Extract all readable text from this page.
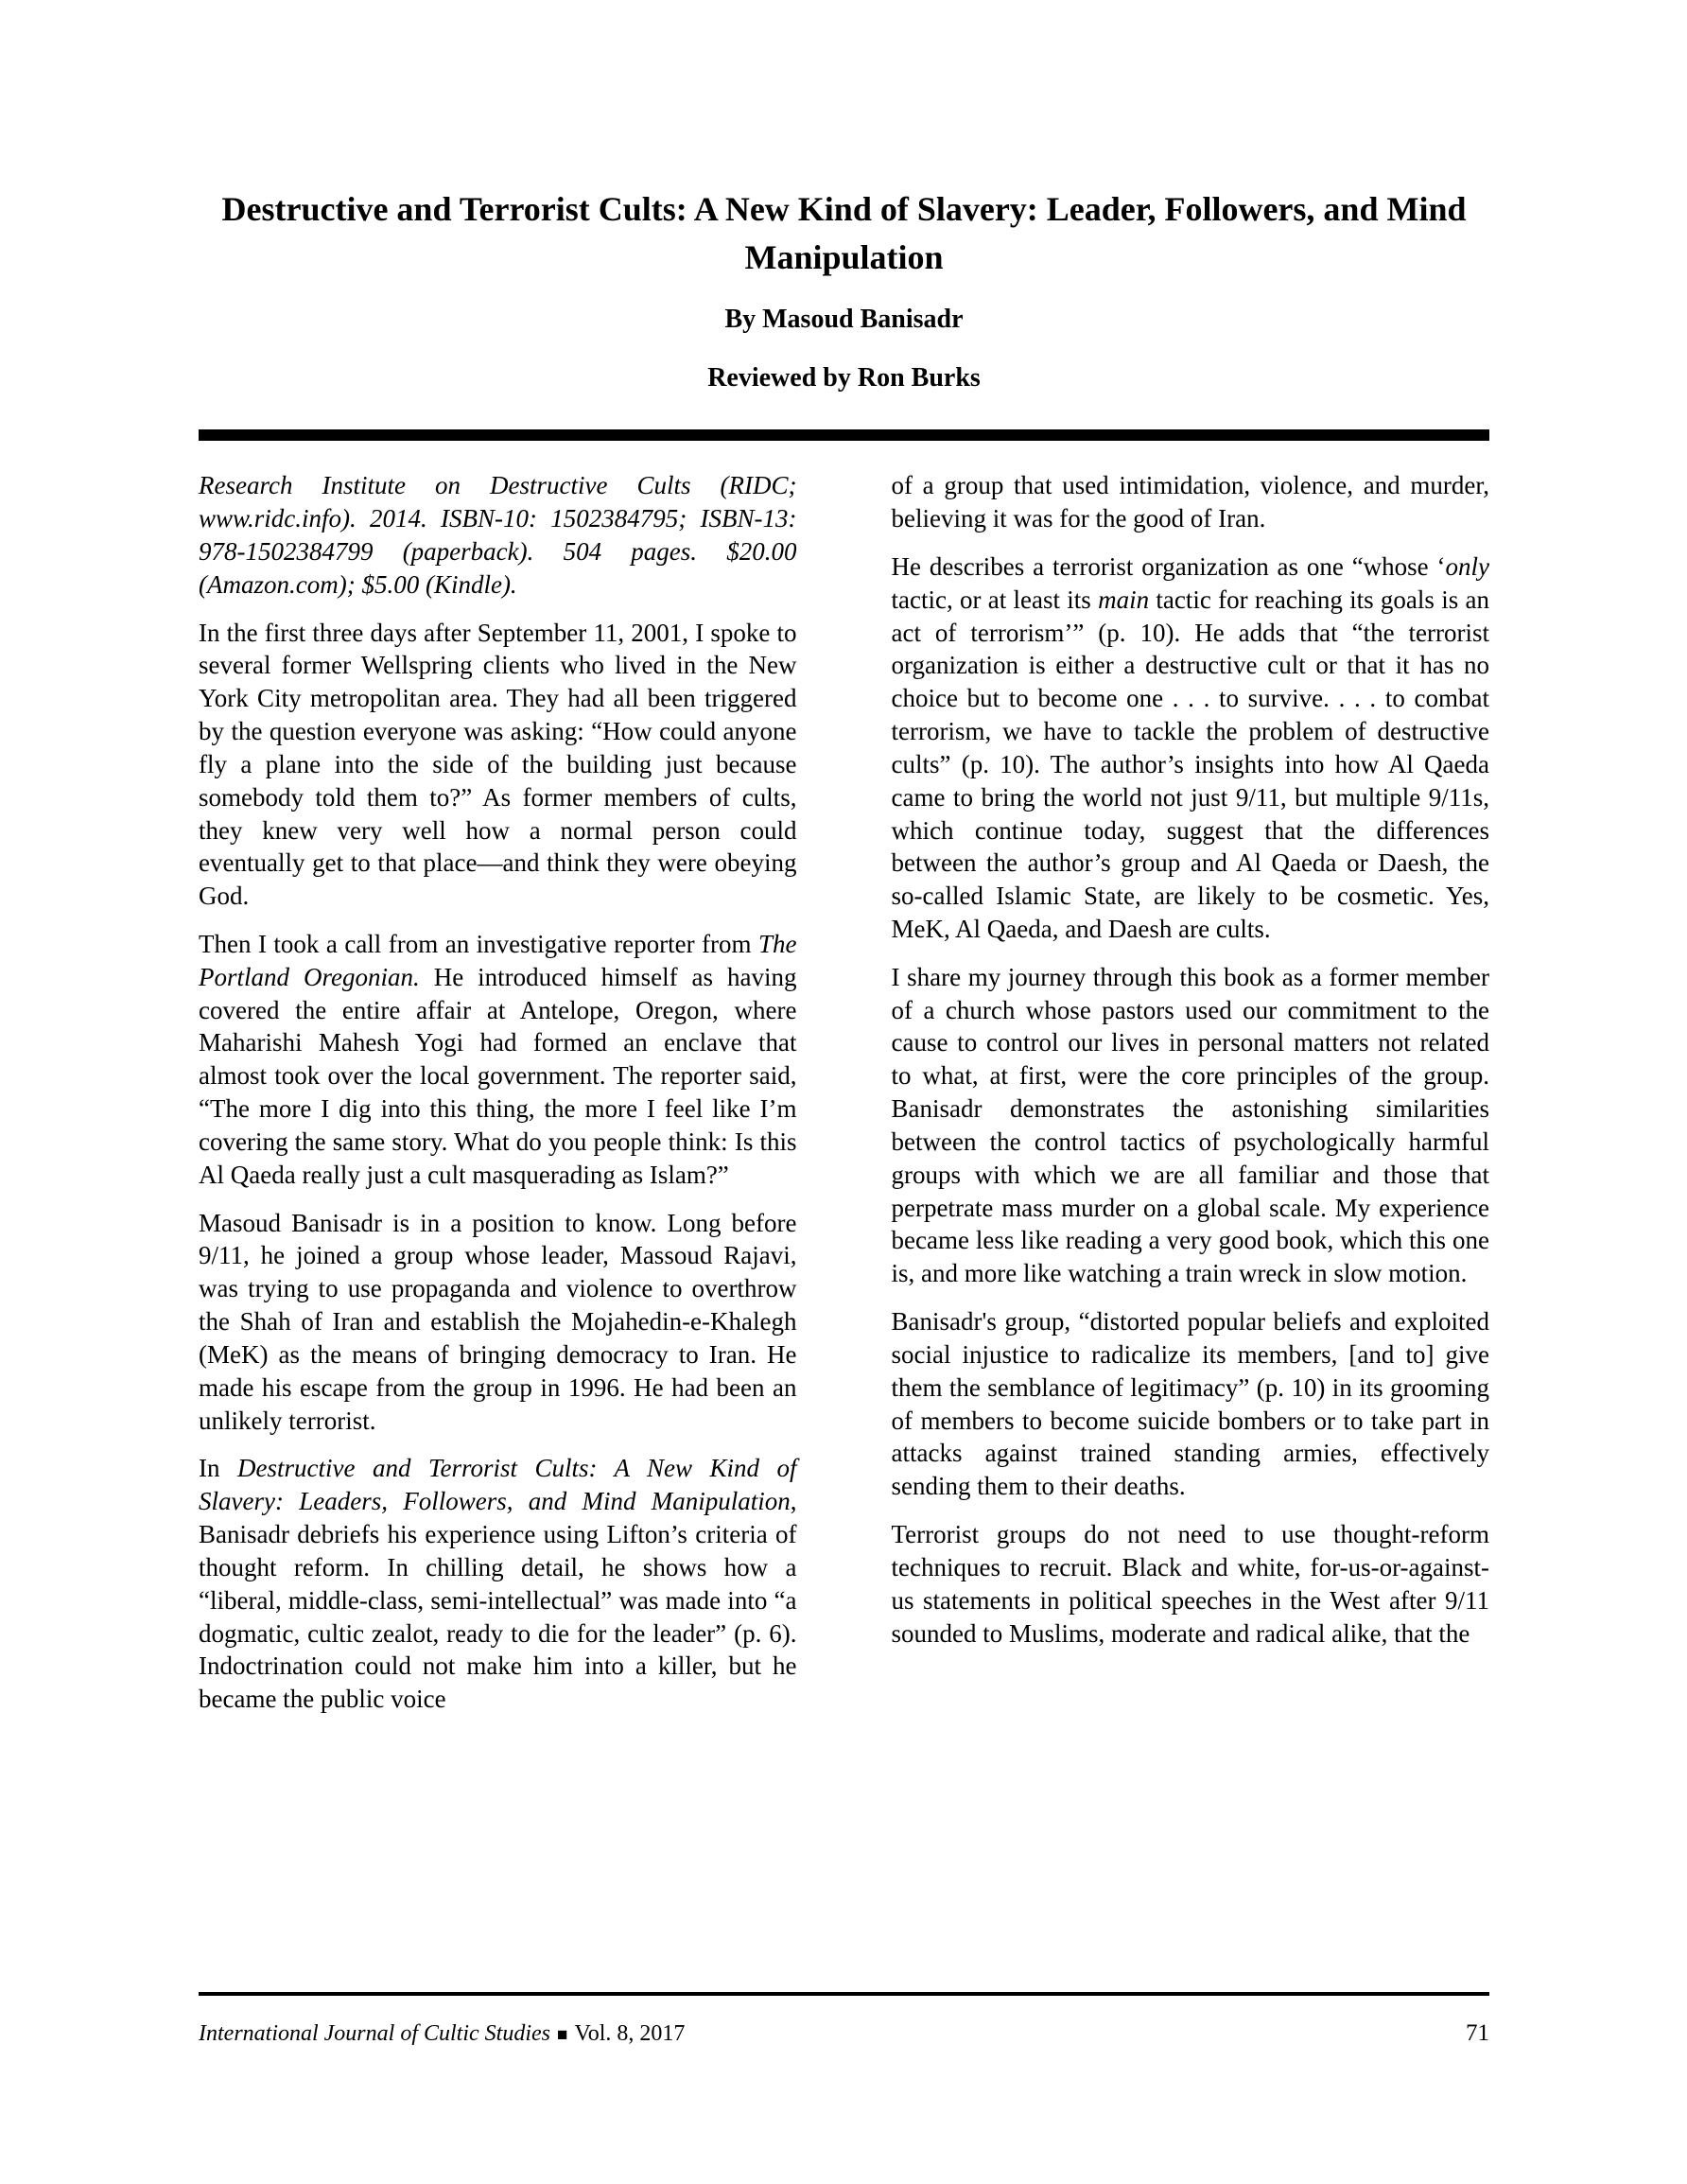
Destructive and Terrorist Cults: A New Kind of Slavery: Leader, Followers, and Mind Manipulation

By Masoud Banisadr

Reviewed by Ron Burks

Research Institute on Destructive Cults (RIDC; www.ridc.info). 2014. ISBN-10: 1502384795; ISBN-13: 978-1502384799 (paperback). 504 pages. $20.00 (Amazon.com); $5.00 (Kindle).

In the first three days after September 11, 2001, I spoke to several former Wellspring clients who lived in the New York City metropolitan area. They had all been triggered by the question everyone was asking: “How could anyone fly a plane into the side of the building just because somebody told them to?” As former members of cults, they knew very well how a normal person could eventually get to that place—and think they were obeying God.

Then I took a call from an investigative reporter from The Portland Oregonian. He introduced himself as having covered the entire affair at Antelope, Oregon, where Maharishi Mahesh Yogi had formed an enclave that almost took over the local government. The reporter said, “The more I dig into this thing, the more I feel like I’m covering the same story. What do you people think: Is this Al Qaeda really just a cult masquerading as Islam?”

Masoud Banisadr is in a position to know. Long before 9/11, he joined a group whose leader, Massoud Rajavi, was trying to use propaganda and violence to overthrow the Shah of Iran and establish the Mojahedin-e-Khalegh (MeK) as the means of bringing democracy to Iran. He made his escape from the group in 1996. He had been an unlikely terrorist.

In Destructive and Terrorist Cults: A New Kind of Slavery: Leaders, Followers, and Mind Manipulation, Banisadr debriefs his experience using Lifton’s criteria of thought reform. In chilling detail, he shows how a “liberal, middle-class, semi-intellectual” was made into “a dogmatic, cultic zealot, ready to die for the leader” (p. 6). Indoctrination could not make him into a killer, but he became the public voice

of a group that used intimidation, violence, and murder, believing it was for the good of Iran.

He describes a terrorist organization as one “whose ‘only tactic, or at least its main tactic for reaching its goals is an act of terrorism’” (p. 10). He adds that “the terrorist organization is either a destructive cult or that it has no choice but to become one . . . to survive. . . . to combat terrorism, we have to tackle the problem of destructive cults” (p. 10). The author’s insights into how Al Qaeda came to bring the world not just 9/11, but multiple 9/11s, which continue today, suggest that the differences between the author’s group and Al Qaeda or Daesh, the so-called Islamic State, are likely to be cosmetic. Yes, MeK, Al Qaeda, and Daesh are cults.

I share my journey through this book as a former member of a church whose pastors used our commitment to the cause to control our lives in personal matters not related to what, at first, were the core principles of the group. Banisadr demonstrates the astonishing similarities between the control tactics of psychologically harmful groups with which we are all familiar and those that perpetrate mass murder on a global scale. My experience became less like reading a very good book, which this one is, and more like watching a train wreck in slow motion.

Banisadr's group, “distorted popular beliefs and exploited social injustice to radicalize its members, [and to] give them the semblance of legitimacy” (p. 10) in its grooming of members to become suicide bombers or to take part in attacks against trained standing armies, effectively sending them to their deaths.

Terrorist groups do not need to use thought-reform techniques to recruit. Black and white, for-us-or-against-us statements in political speeches in the West after 9/11 sounded to Muslims, moderate and radical alike, that the

International Journal of Cultic Studies ■ Vol. 8, 2017	71
